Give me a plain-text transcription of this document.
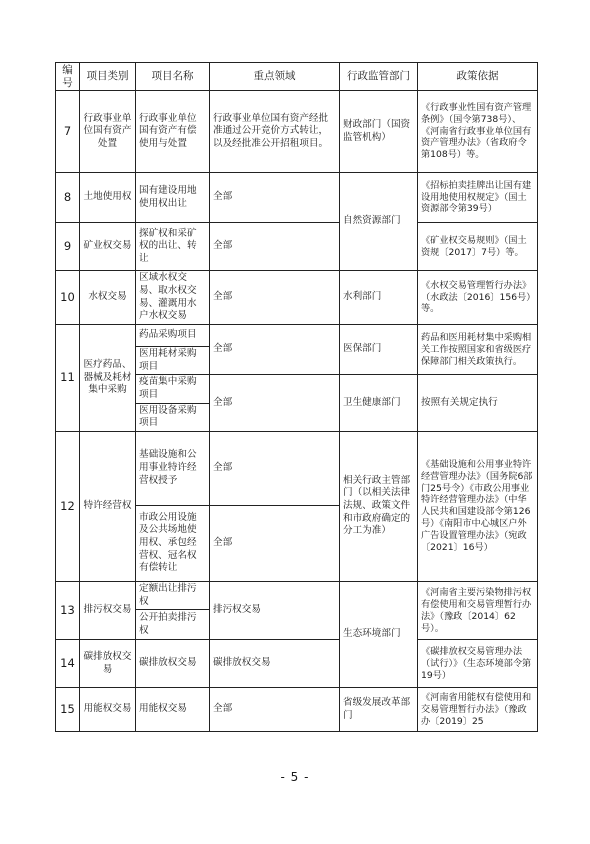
编号	项目类别	项目名称	重点领域	行政监管部门	政策依据
7	行政事业单位国有资产处置	行政事业单位国有资产有偿使用与处置	行政事业单位国有资产经批准通过公开竞价方式转让，以及经批准公开招租项目。	财政部门（国资监管机构）	《行政事业性国有资产管理条例》（国令第738号）、《河南省行政事业单位国有资产管理办法》（省政府令第108号）等。
8	土地使用权	国有建设用地使用权出让	全部	自然资源部门	《招标拍卖挂牌出让国有建设用地使用权规定》（国土资源部令第39号）
9	矿业权交易	探矿权和采矿权的出让、转让	全部		《矿业权交易规则》（国土资规〔2017〕7号）等。
10	水权交易	区域水权交易、取水权交易、灌溉用水户水权交易	全部	水利部门	《水权交易管理暂行办法》（水政法〔2016〕156号）等。
11	医疗药品、器械及耗材集中采购	药品采购项目	全部	医保部门	药品和医用耗材集中采购相关工作按照国家和省级医疗保障部门相关政策执行。
		医用耗材采购项目			
		疫苗集中采购项目	全部	卫生健康部门	按照有关规定执行
		医用设备采购项目			
12	特许经营权	基础设施和公用事业特许经营权授予	全部	相关行政主管部门（以相关法律法规、政策文件和市政府确定的分工为准）	《基础设施和公用事业特许经营管理办法》（国务院6部门25号令）《市政公用事业特许经营管理办法》（中华人民共和国建设部令第126号）《南阳市中心城区户外广告设置管理办法》（宛政〔2021〕16号）
		市政公用设施及公共场地使用权、承包经营权、冠名权有偿转让	全部		
13	排污权交易	定额出让排污权	排污权交易	生态环境部门	《河南省主要污染物排污权有偿使用和交易管理暂行办法》（豫政〔2014〕62号）。
		公开拍卖排污权			
14	碳排放权交易	碳排放权交易	碳排放权交易		《碳排放权交易管理办法（试行）》（生态环境部令第19号）
15	用能权交易	用能权交易	全部	省级发展改革部门	《河南省用能权有偿使用和交易管理暂行办法》（豫政办〔2019〕25
- 5 -
